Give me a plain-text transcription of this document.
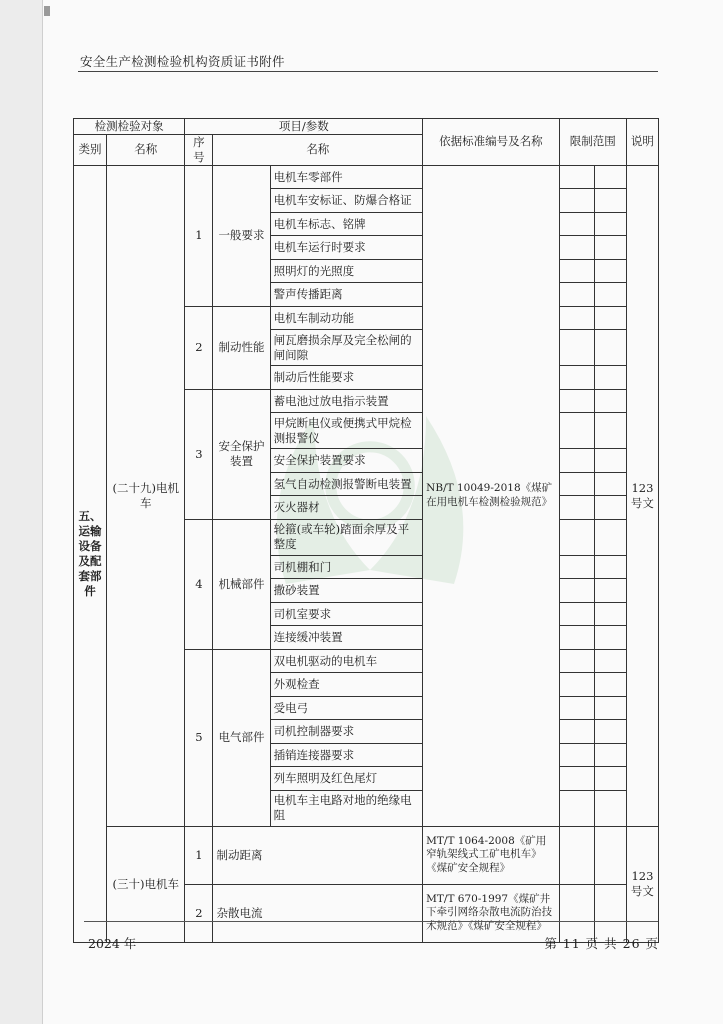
安全生产检测检验机构资质证书附件
检测检验对象		项目/参数			依据标准编号及名称	限制范围		说明
类别	名称	序号	名称					
五、运输设备及配套部件	(二十九)电机车	1	一般要求	电机车零部件	NB/T 10049-2018《煤矿在用电机车检测检验规范》			123号文
				电机车安标证、防爆合格证				
				电机车标志、铭牌				
				电机车运行时要求				
				照明灯的光照度				
				警声传播距离				
		2	制动性能	电机车制动功能				
				闸瓦磨损余厚及完全松闸的闸间隙				
				制动后性能要求				
		3	安全保护装置	蓄电池过放电指示装置				
				甲烷断电仪或便携式甲烷检测报警仪				
				安全保护装置要求				
				氢气自动检测报警断电装置				
				灭火器材				
		4	机械部件	轮箍(或车轮)踏面余厚及平整度				
				司机棚和门				
				撒砂装置				
				司机室要求				
				连接缓冲装置				
		5	电气部件	双电机驱动的电机车				
				外观检查				
				受电弓				
				司机控制器要求				
				插销连接器要求				
				列车照明及红色尾灯				
				电机车主电路对地的绝缘电阻				
	(三十)电机车	1	制动距离		MT/T 1064-2008《矿用窄轨架线式工矿电机车》《煤矿安全规程》			123号文
		2	杂散电流		MT/T 670-1997《煤矿井下牵引网络杂散电流防治技术规范》《煤矿安全规程》			
2024 年	第 11 页 共 26 页
